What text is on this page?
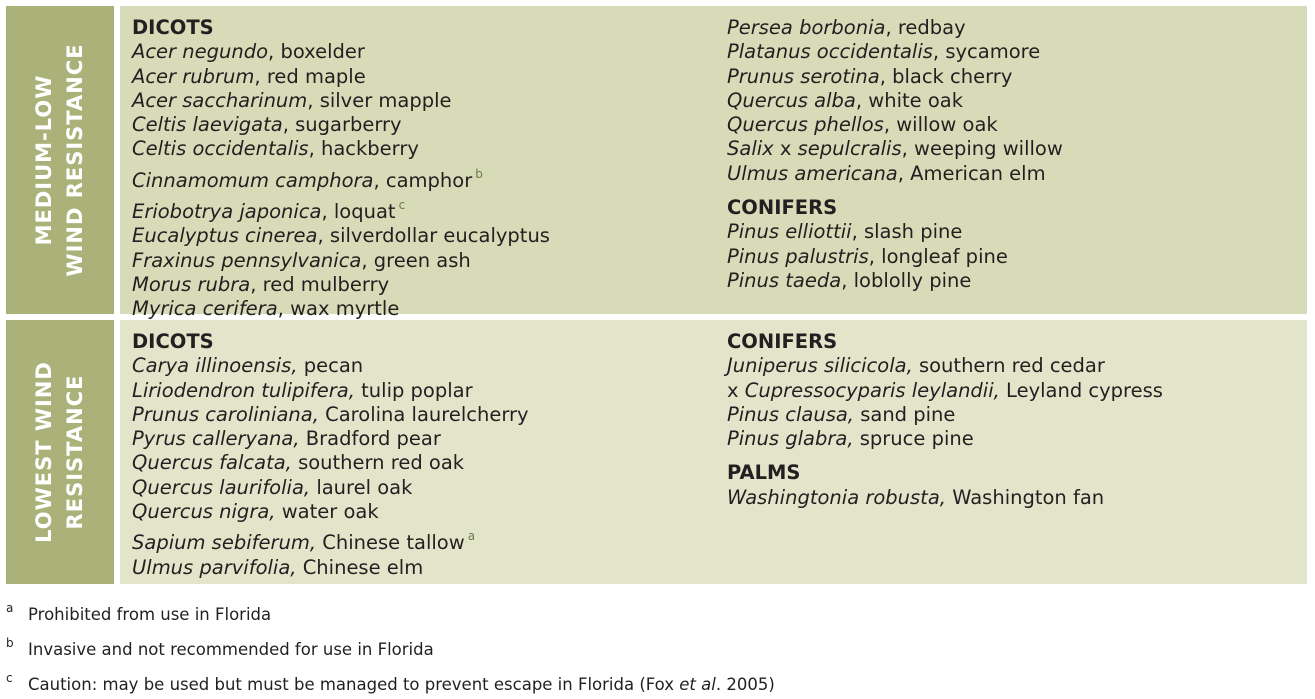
MEDIUM-LOW WIND RESISTANCE
DICOTS
Acer negundo, boxelder
Acer rubrum, red maple
Acer saccharinum, silver mapple
Celtis laevigata, sugarberry
Celtis occidentalis, hackberry
Cinnamomum camphora, camphor $^b$
Eriobotrya japonica, loquat $^c$
Eucalyptus cinerea, silverdollar eucalyptus
Fraxinus pennsylvanica, green ash
Morus rubra, red mulberry
Myrica cerifera, wax myrtle
Persea borbonia, redbay
Platanus occidentalis, sycamore
Prunus serotina, black cherry
Quercus alba, white oak
Quercus phellos, willow oak
Salix x sepulcralis, weeping willow
Ulmus americana, American elm
CONIFERS
Pinus elliottii, slash pine
Pinus palustris, longleaf pine
Pinus taeda, loblolly pine
LOWEST WIND RESISTANCE
DICOTS
Carya illinoensis, pecan
Liriodendron tulipifera, tulip poplar
Prunus caroliniana, Carolina laurelcherry
Pyrus calleryana, Bradford pear
Quercus falcata, southern red oak
Quercus laurifolia, laurel oak
Quercus nigra, water oak
Sapium sebiferum, Chinese tallow $^a$
Ulmus parvifolia, Chinese elm
CONIFERS
Juniperus silicicola, southern red cedar
x Cupressocyparis leylandii, Leyland cypress
Pinus clausa, sand pine
Pinus glabra, spruce pine
PALMS
Washingtonia robusta, Washington fan
a Prohibited from use in Florida
b Invasive and not recommended for use in Florida
c Caution: may be used but must be managed to prevent escape in Florida (Fox et al. 2005)
